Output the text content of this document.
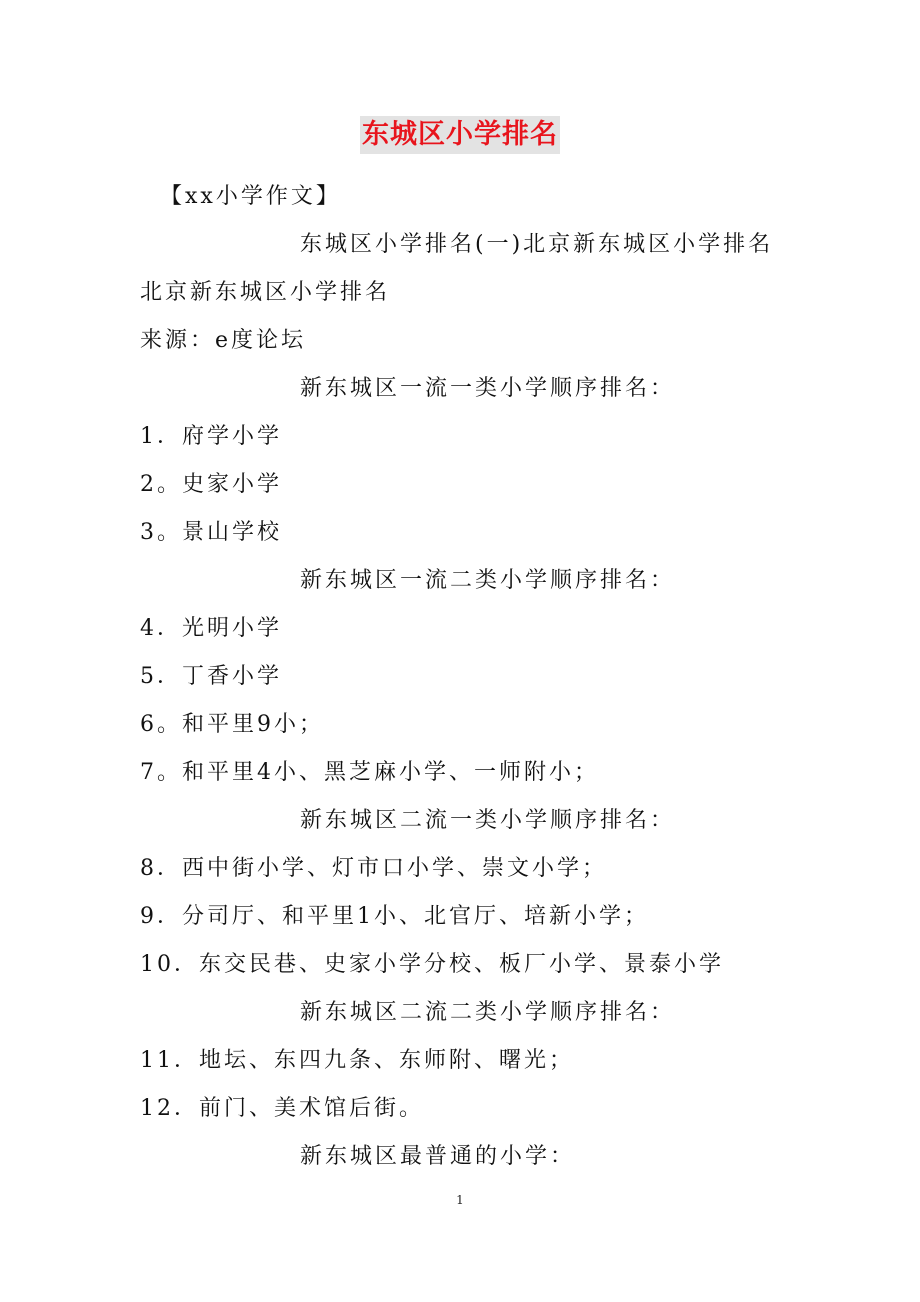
东城区小学排名
【xx小学作文】
东城区小学排名(一)北京新东城区小学排名
北京新东城区小学排名
来源：e度论坛
新东城区一流一类小学顺序排名：
1．府学小学
2。史家小学
3。景山学校
新东城区一流二类小学顺序排名：
4．光明小学
5．丁香小学
6。和平里9小；
7。和平里4小、黑芝麻小学、一师附小；
新东城区二流一类小学顺序排名：
8．西中街小学、灯市口小学、崇文小学；
9．分司厅、和平里1小、北官厅、培新小学；
10．东交民巷、史家小学分校、板厂小学、景泰小学
新东城区二流二类小学顺序排名：
11．地坛、东四九条、东师附、曙光；
12．前门、美术馆后街。
新东城区最普通的小学：
1
